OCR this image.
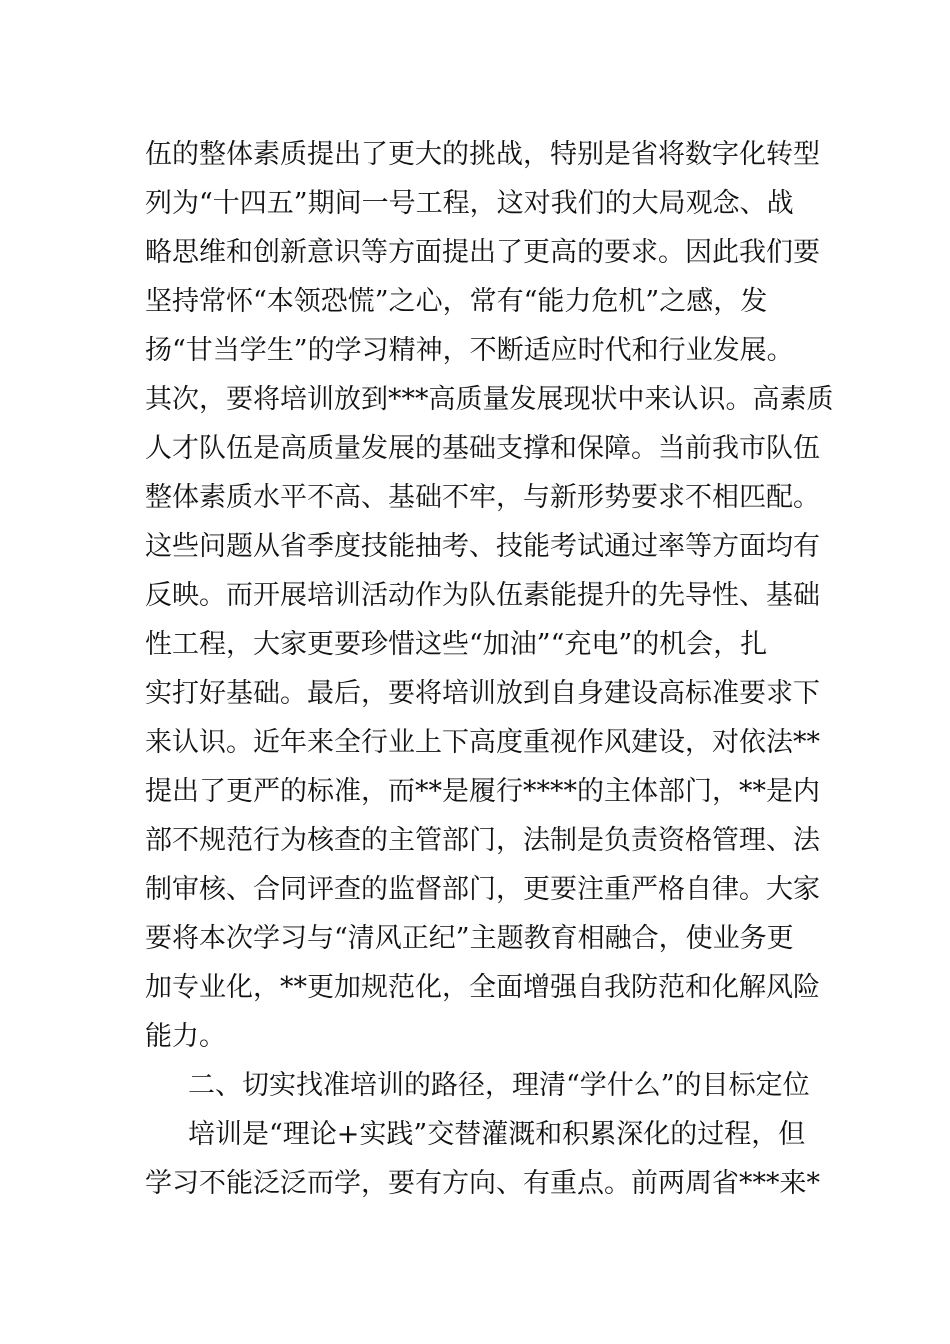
伍的整体素质提出了更大的挑战，特别是省将数字化转型
列为“十四五”期间一号工程，这对我们的大局观念、战
略思维和创新意识等方面提出了更高的要求。因此我们要
坚持常怀“本领恐慌”之心，常有“能力危机”之感，发
扬“甘当学生”的学习精神，不断适应时代和行业发展。
其次，要将培训放到***高质量发展现状中来认识。高素质
人才队伍是高质量发展的基础支撑和保障。当前我市队伍
整体素质水平不高、基础不牢，与新形势要求不相匹配。
这些问题从省季度技能抽考、技能考试通过率等方面均有
反映。而开展培训活动作为队伍素能提升的先导性、基础
性工程，大家更要珍惜这些“加油”“充电”的机会，扎
实打好基础。最后，要将培训放到自身建设高标准要求下
来认识。近年来全行业上下高度重视作风建设，对依法**
提出了更严的标准，而**是履行****的主体部门，**是内
部不规范行为核查的主管部门，法制是负责资格管理、法
制审核、合同评查的监督部门，更要注重严格自律。大家
要将本次学习与“清风正纪”主题教育相融合，使业务更
加专业化，**更加规范化，全面增强自我防范和化解风险
能力。
二、切实找准培训的路径，理清“学什么”的目标定位
培训是“理论+实践”交替灌溉和积累深化的过程，但
学习不能泛泛而学，要有方向、有重点。前两周省***来*
